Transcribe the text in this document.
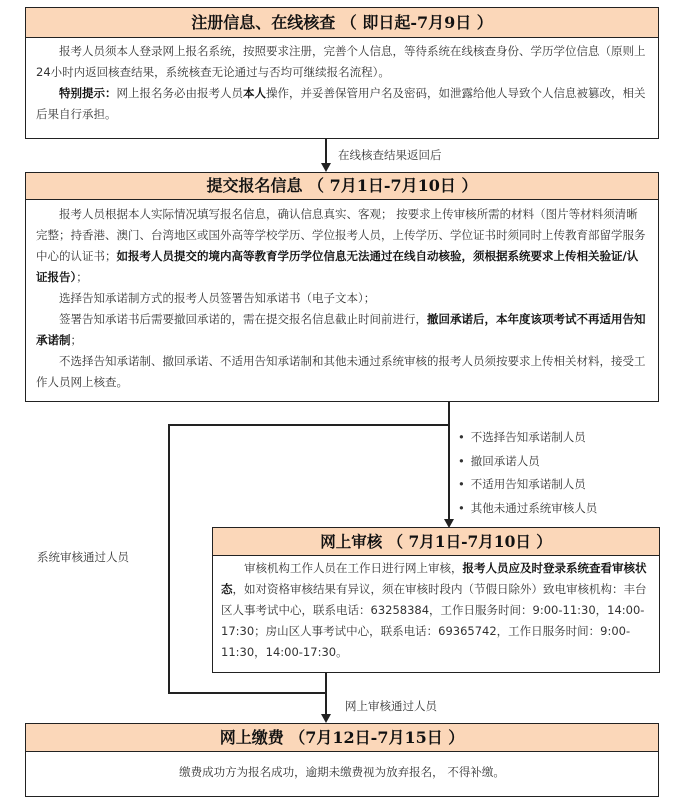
注册信息、在线核查 （ 即日起-7月9日 ）

报考人员须本人登录网上报名系统，按照要求注册，完善个人信息，等待系统在线核查身份、学历学位信息（原则上24小时内返回核查结果，系统核查无论通过与否均可继续报名流程）。

特别提示：网上报名务必由报考人员本人操作，并妥善保管用户名及密码，如泄露给他人导致个人信息被篡改，相关后果自行承担。

在线核查结果返回后
提交报名信息 （ 7月1日-7月10日 ）

报考人员根据本人实际情况填写报名信息，确认信息真实、客观； 按要求上传审核所需的材料（图片等材料须清晰完整；持香港、澳门、台湾地区或国外高等学校学历、学位报考人员，上传学历、学位证书时须同时上传教育部留学服务中心的认证书；如报考人员提交的境内高等教育学历学位信息无法通过在线自动核验，须根据系统要求上传相关验证/认证报告）；

选择告知承诺制方式的报考人员签署告知承诺书（电子文本）；

签署告知承诺书后需要撤回承诺的，需在提交报名信息截止时间前进行，撤回承诺后，本年度该项考试不再适用告知承诺制；

不选择告知承诺制、撤回承诺、不适用告知承诺制和其他未通过系统审核的报考人员须按要求上传相关材料，接受工作人员网上核查。

系统审核通过人员
• 不选择告知承诺制人员
• 撤回承诺人员
• 不适用告知承诺制人员
• 其他未通过系统审核人员
网上审核 （ 7月1日-7月10日 ）

审核机构工作人员在工作日进行网上审核，报考人员应及时登录系统查看审核状态，如对资格审核结果有异议，须在审核时段内（节假日除外）致电审核机构：丰台区人事考试中心，联系电话：63258384，工作日服务时间：9:00-11:30，14:00-17:30；房山区人事考试中心，联系电话：69365742，工作日服务时间：9:00-11:30，14:00-17:30。

网上审核通过人员
网上缴费 （7月12日-7月15日 ）
缴费成功方为报名成功，逾期未缴费视为放弃报名， 不得补缴。
